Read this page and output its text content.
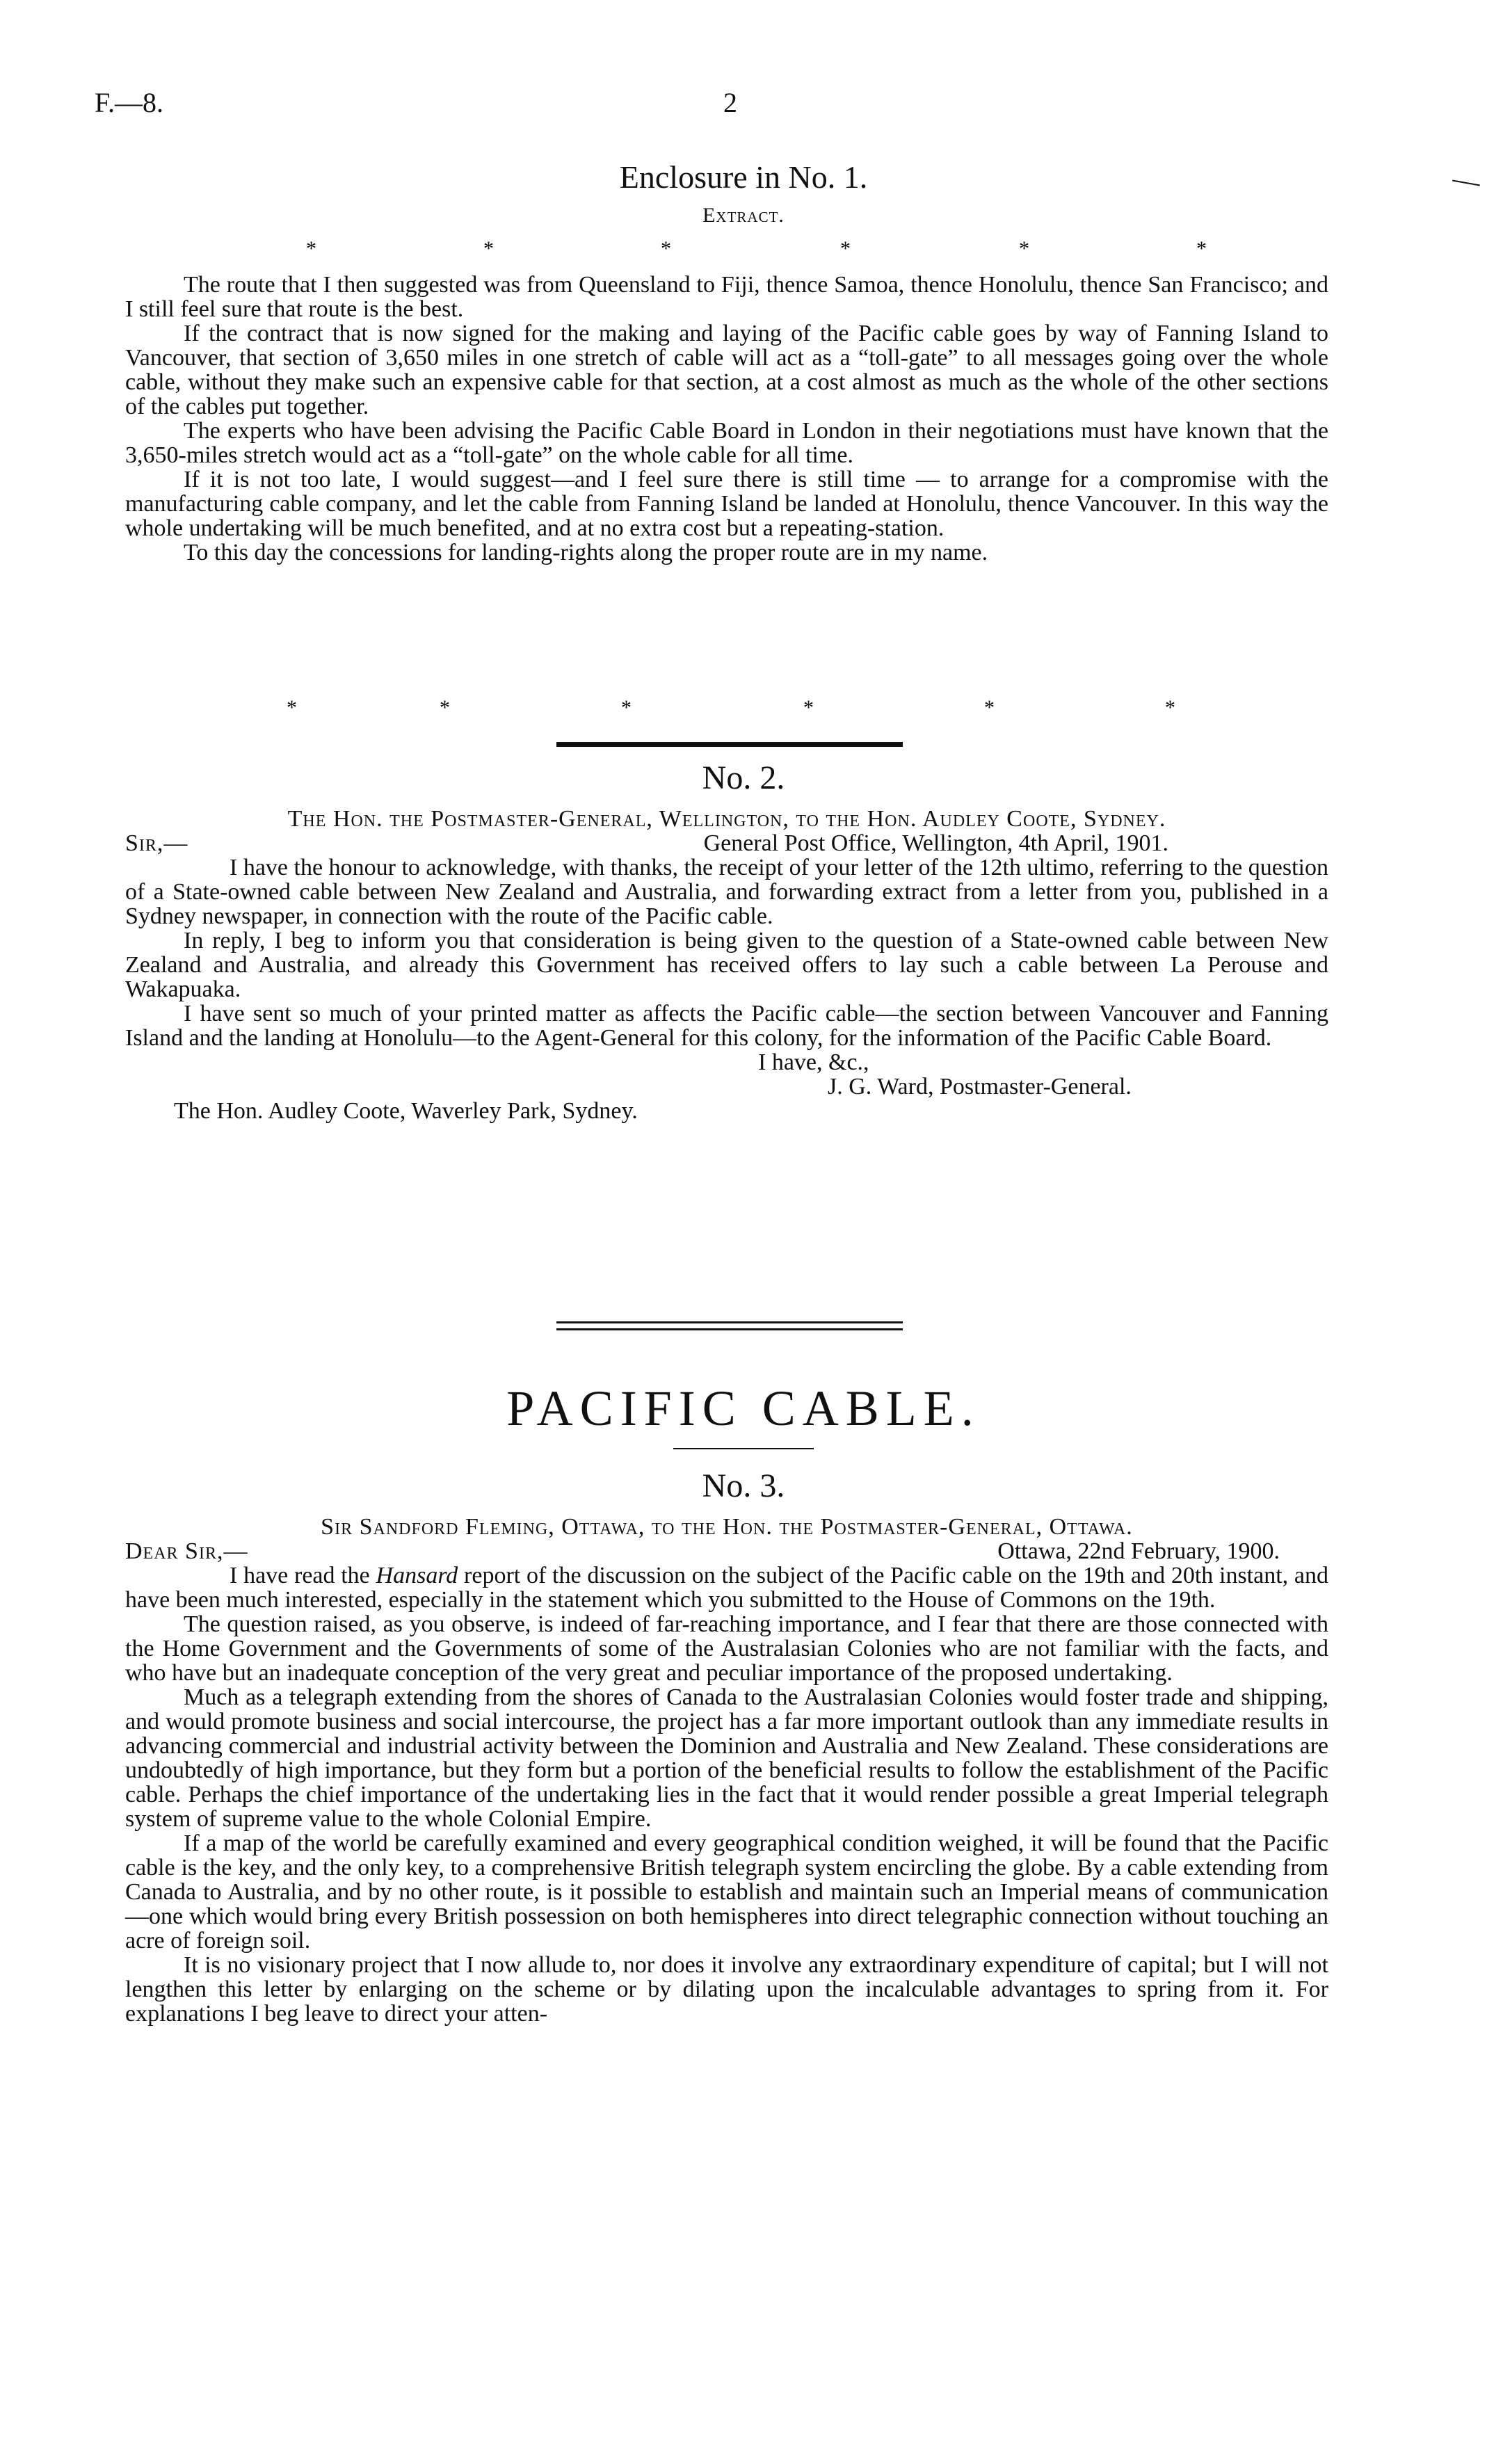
F.—8.	2
Enclosure in No. 1.
Extract.
*	*	*	*	*	*

The route that I then suggested was from Queensland to Fiji, thence Samoa, thence Honolulu, thence San Francisco; and I still feel sure that route is the best.

If the contract that is now signed for the making and laying of the Pacific cable goes by way of Fanning Island to Vancouver, that section of 3,650 miles in one stretch of cable will act as a “toll-gate” to all messages going over the whole cable, without they make such an expensive cable for that section, at a cost almost as much as the whole of the other sections of the cables put together.

The experts who have been advising the Pacific Cable Board in London in their negotiations must have known that the 3,650-miles stretch would act as a “toll-gate” on the whole cable for all time.

If it is not too late, I would suggest—and I feel sure there is still time — to arrange for a compromise with the manufacturing cable company, and let the cable from Fanning Island be landed at Honolulu, thence Vancouver. In this way the whole undertaking will be much benefited, and at no extra cost but a repeating-station.

To this day the concessions for landing-rights along the proper route are in my name.

*	*	*	*	*	*
No. 2.

The Hon. the Postmaster-General, Wellington, to the Hon. Audley Coote, Sydney.

Sir,—	General Post Office, Wellington, 4th April, 1901.

I have the honour to acknowledge, with thanks, the receipt of your letter of the 12th ultimo, referring to the question of a State-owned cable between New Zealand and Australia, and forwarding extract from a letter from you, published in a Sydney newspaper, in connection with the route of the Pacific cable.

In reply, I beg to inform you that consideration is being given to the question of a State-owned cable between New Zealand and Australia, and already this Government has received offers to lay such a cable between La Perouse and Wakapuaka.

I have sent so much of your printed matter as affects the Pacific cable—the section between Vancouver and Fanning Island and the landing at Honolulu—to the Agent-General for this colony, for the information of the Pacific Cable Board.

I have, &c.,
J. G. Ward, Postmaster-General.
The Hon. Audley Coote, Waverley Park, Sydney.
PACIFIC CABLE.
No. 3.

Sir Sandford Fleming, Ottawa, to the Hon. the Postmaster-General, Ottawa.

Dear Sir,—	Ottawa, 22nd February, 1900.

I have read the Hansard report of the discussion on the subject of the Pacific cable on the 19th and 20th instant, and have been much interested, especially in the statement which you submitted to the House of Commons on the 19th.

The question raised, as you observe, is indeed of far-reaching importance, and I fear that there are those connected with the Home Government and the Governments of some of the Australasian Colonies who are not familiar with the facts, and who have but an inadequate conception of the very great and peculiar importance of the proposed undertaking.

Much as a telegraph extending from the shores of Canada to the Australasian Colonies would foster trade and shipping, and would promote business and social intercourse, the project has a far more important outlook than any immediate results in advancing commercial and industrial activity between the Dominion and Australia and New Zealand. These considerations are undoubtedly of high importance, but they form but a portion of the beneficial results to follow the establishment of the Pacific cable. Perhaps the chief importance of the undertaking lies in the fact that it would render possible a great Imperial telegraph system of supreme value to the whole Colonial Empire.

If a map of the world be carefully examined and every geographical condition weighed, it will be found that the Pacific cable is the key, and the only key, to a comprehensive British telegraph system encircling the globe. By a cable extending from Canada to Australia, and by no other route, is it possible to establish and maintain such an Imperial means of communication—one which would bring every British possession on both hemispheres into direct telegraphic connection without touching an acre of foreign soil.

It is no visionary project that I now allude to, nor does it involve any extraordinary expenditure of capital; but I will not lengthen this letter by enlarging on the scheme or by dilating upon the incalculable advantages to spring from it. For explanations I beg leave to direct your atten-
